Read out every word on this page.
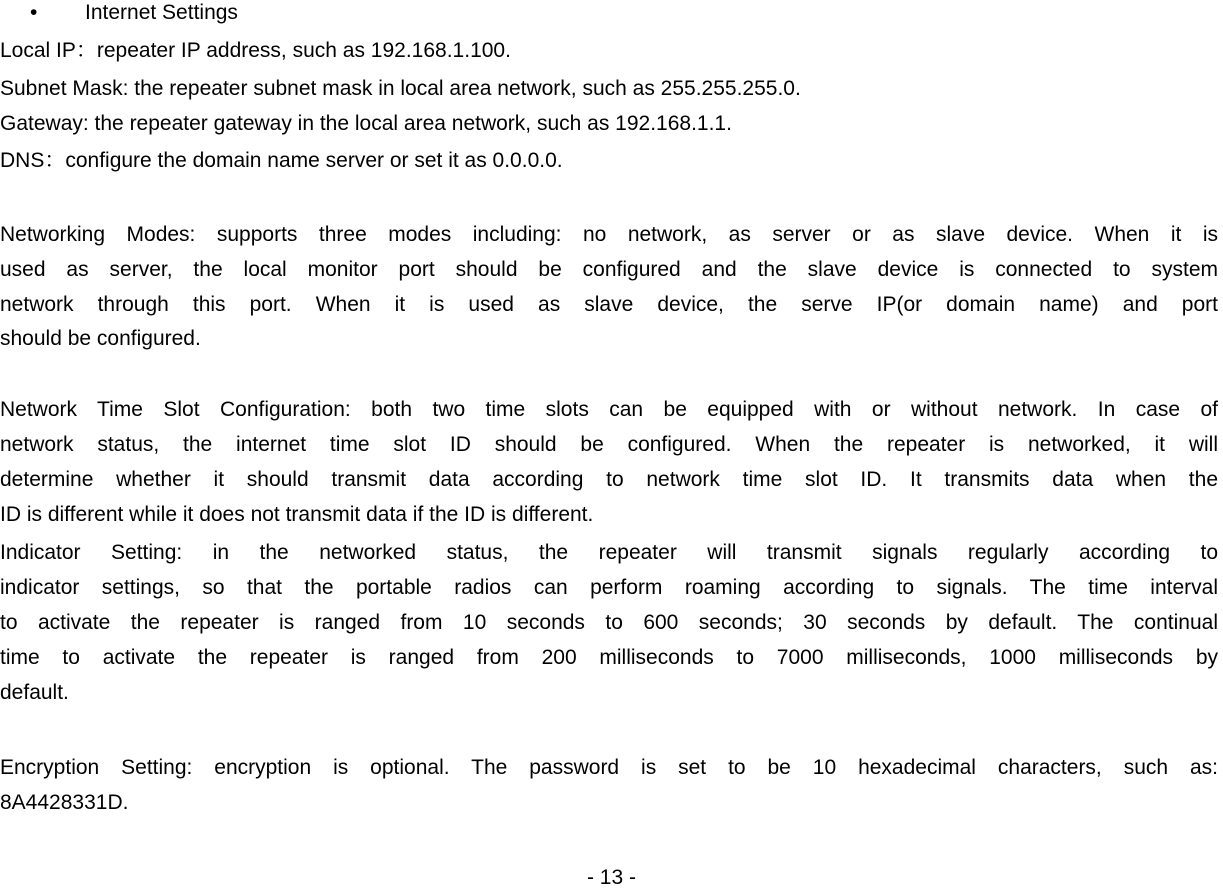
• Internet Settings
Local IP：repeater IP address, such as 192.168.1.100.
Subnet Mask: the repeater subnet mask in local area network, such as 255.255.255.0.
Gateway: the repeater gateway in the local area network, such as 192.168.1.1.
DNS：configure the domain name server or set it as 0.0.0.0.
Networking Modes: supports three modes including: no network, as server or as slave device. When it is
used as server, the local monitor port should be configured and the slave device is connected to system
network through this port. When it is used as slave device, the serve IP(or domain name) and port
should be configured.
Network Time Slot Configuration: both two time slots can be equipped with or without network. In case of
network status, the internet time slot ID should be configured. When the repeater is networked, it will
determine whether it should transmit data according to network time slot ID. It transmits data when the
ID is different while it does not transmit data if the ID is different.
Indicator Setting: in the networked status, the repeater will transmit signals regularly according to
indicator settings, so that the portable radios can perform roaming according to signals. The time interval
to activate the repeater is ranged from 10 seconds to 600 seconds; 30 seconds by default. The continual
time to activate the repeater is ranged from 200 milliseconds to 7000 milliseconds, 1000 milliseconds by
default.
Encryption Setting: encryption is optional. The password is set to be 10 hexadecimal characters, such as:
8A4428331D.
- 13 -
